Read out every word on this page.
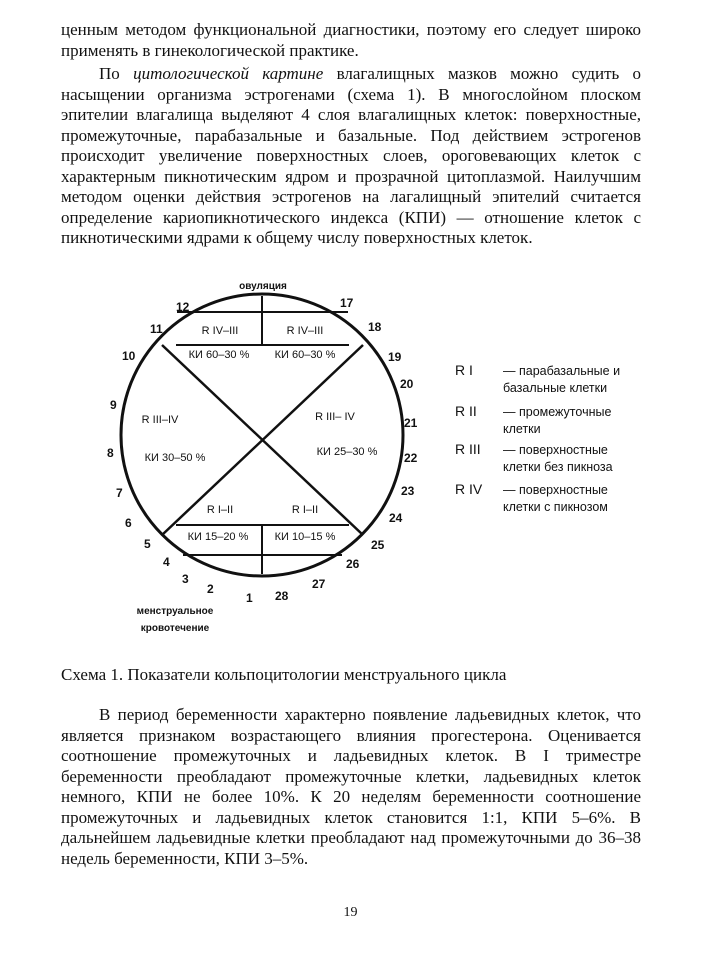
ценным методом функциональной диагностики, поэтому его следует широко применять в гинекологической практике.

По цитологической картине влагалищных мазков можно судить о насыщении организма эстрогенами (схема 1). В многослойном плоском эпителии влагалища выделяют 4 слоя влагалищных клеток: поверхностные, промежуточные, парабазальные и базальные. Под действием эстрогенов происходит увеличение поверхностных слоев, ороговевающих клеток с характерным пикнотическим ядром и прозрачной цитоплазмой. Наилучшим методом оценки действия эстрогенов на лагалищный эпителий считается определение кариопикнотического индекса (КПИ) — отношение клеток с пикнотическими ядрами к общему числу поверхностных клеток.

R IV–III
КИ 60–30 %
R IV–III
КИ 60–30 %
R III–IV
КИ 30–50 %
R III– IV
КИ 25–30 %
R I–II
КИ 15–20 %
R I–II
КИ 10–15 %
овуляция
менструальное
кровотечение
1
2
3
4
5
6
7
8
9
10
11
12	17
18
19
20
21
22
23
24
25
26
27
28
R I — парабазальные и
базальные клетки
R II — промежуточные
клетки
R III — поверхностные
клетки без пикноза
R IV — поверхностные
клетки с пикнозом
Схема 1. Показатели кольпоцитологии менструального цикла

В период беременности характерно появление ладьевидных клеток, что является признаком возрастающего влияния прогестерона. Оценивается соотношение промежуточных и ладьевидных клеток. В I триместре беременности преобладают промежуточные клетки, ладьевидных клеток немного, КПИ не более 10%. К 20 неделям беременности соотношение промежуточных и ладьевидных клеток становится 1:1, КПИ 5–6%. В дальнейшем ладьевидные клетки преобладают над промежуточными до 36–38 недель беременности, КПИ 3–5%.

19
